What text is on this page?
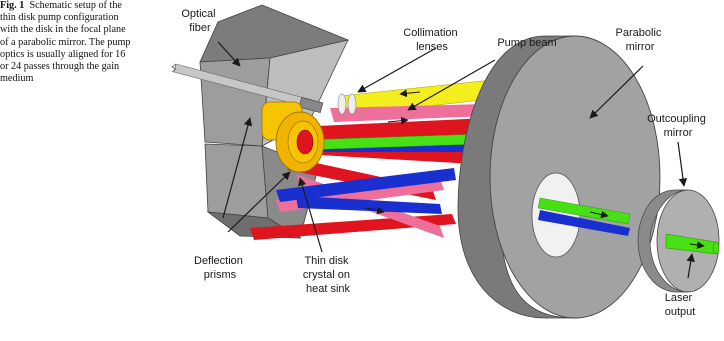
Fig. 1 Schematic setup of the
thin disk pump configuration
with the disk in the focal plane
of a parabolic mirror. The pump
optics is usually aligned for 16
or 24 passes through the gain
medium
Optical fiber	Collimation lenses	Pump beam
Parabolic mirror
Outcoupling mirror
Deflection prisms
Thin disk crystal on heat sink
Laser output
